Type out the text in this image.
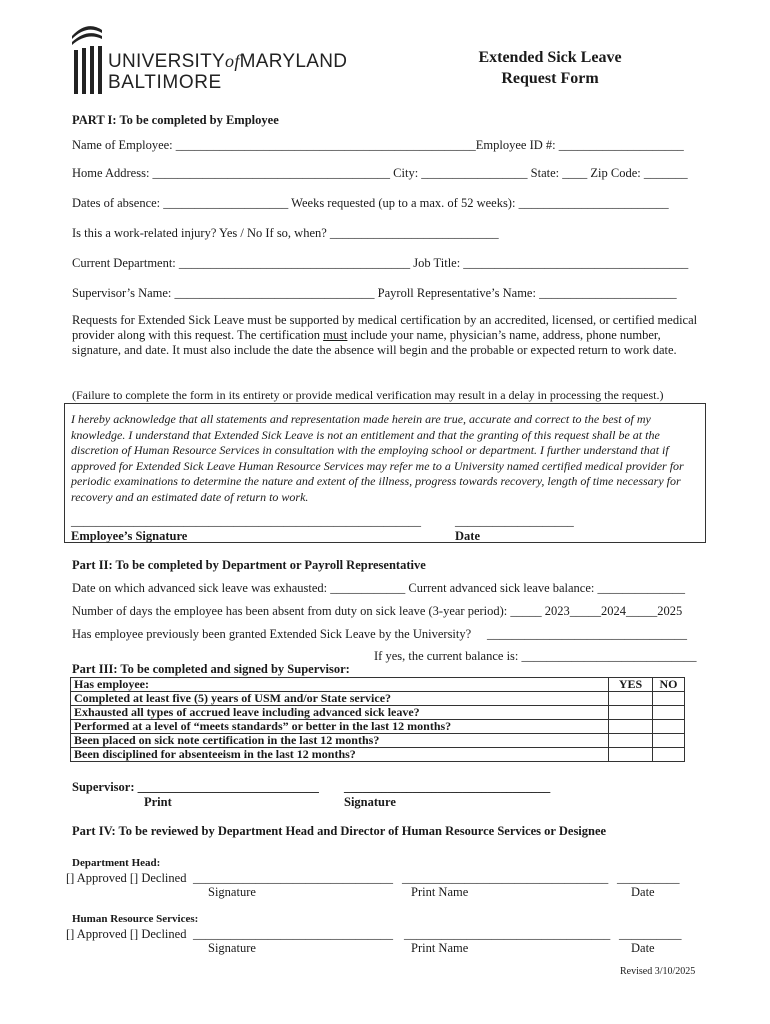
UNIVERSITYofMARYLAND
BALTIMORE
Extended Sick Leave
Request Form
PART I: To be completed by Employee
Name of Employee: ________________________________________________Employee ID #: ____________________
Home Address: ______________________________________ City: _________________ State: ____ Zip Code: _______
Dates of absence: ____________________ Weeks requested (up to a max. of 52 weeks): ________________________
Is this a work-related injury? Yes / No If so, when? ___________________________
Current Department: _____________________________________ Job Title: ____________________________________
Supervisor’s Name: ________________________________ Payroll Representative’s Name: ______________________
Requests for Extended Sick Leave must be supported by medical certification by an accredited, licensed, or certified medical provider along with this request. The certification must include your name, physician’s name, address, phone number, signature, and date. It must also include the date the absence will begin and the probable or expected return to work date.
(Failure to complete the form in its entirety or provide medical verification may result in a delay in processing the request.)
I hereby acknowledge that all statements and representation made herein are true, accurate and correct to the best of my knowledge. I understand that Extended Sick Leave is not an entitlement and that the granting of this request shall be at the discretion of Human Resource Services in consultation with the employing school or department. I further understand that if approved for Extended Sick Leave Human Resource Services may refer me to a University named certified medical provider for periodic examinations to determine the nature and extent of the illness, progress towards recovery, length of time necessary for recovery and an estimated date of return to work.
________________________________________________________	___________________
Employee’s Signature	Date
Part II: To be completed by Department or Payroll Representative
Date on which advanced sick leave was exhausted: ____________ Current advanced sick leave balance: ______________
Number of days the employee has been absent from duty on sick leave (3-year period): _____ 2023_____2024_____2025
Has employee previously been granted Extended Sick Leave by the University? ________________________________
If yes, the current balance is: ____________________________
Part III: To be completed and signed by Supervisor:
Has employee:	YES	NO
Completed at least five (5) years of USM and/or State service?		
Exhausted all types of accrued leave including advanced sick leave?		
Performed at a level of “meets standards” or better in the last 12 months?		
Been placed on sick note certification in the last 12 months?		
Been disciplined for absenteeism in the last 12 months?		
Supervisor: _____________________________ _________________________________
Print	Signature
Part IV: To be reviewed by Department Head and Director of Human Resource Services or Designee
Department Head:
[] Approved [] Declined ________________________________ _________________________________ __________
Signature	Print Name	Date
Human Resource Services:
[] Approved [] Declined ________________________________ _________________________________ __________
Signature	Print Name	Date
Revised 3/10/2025
